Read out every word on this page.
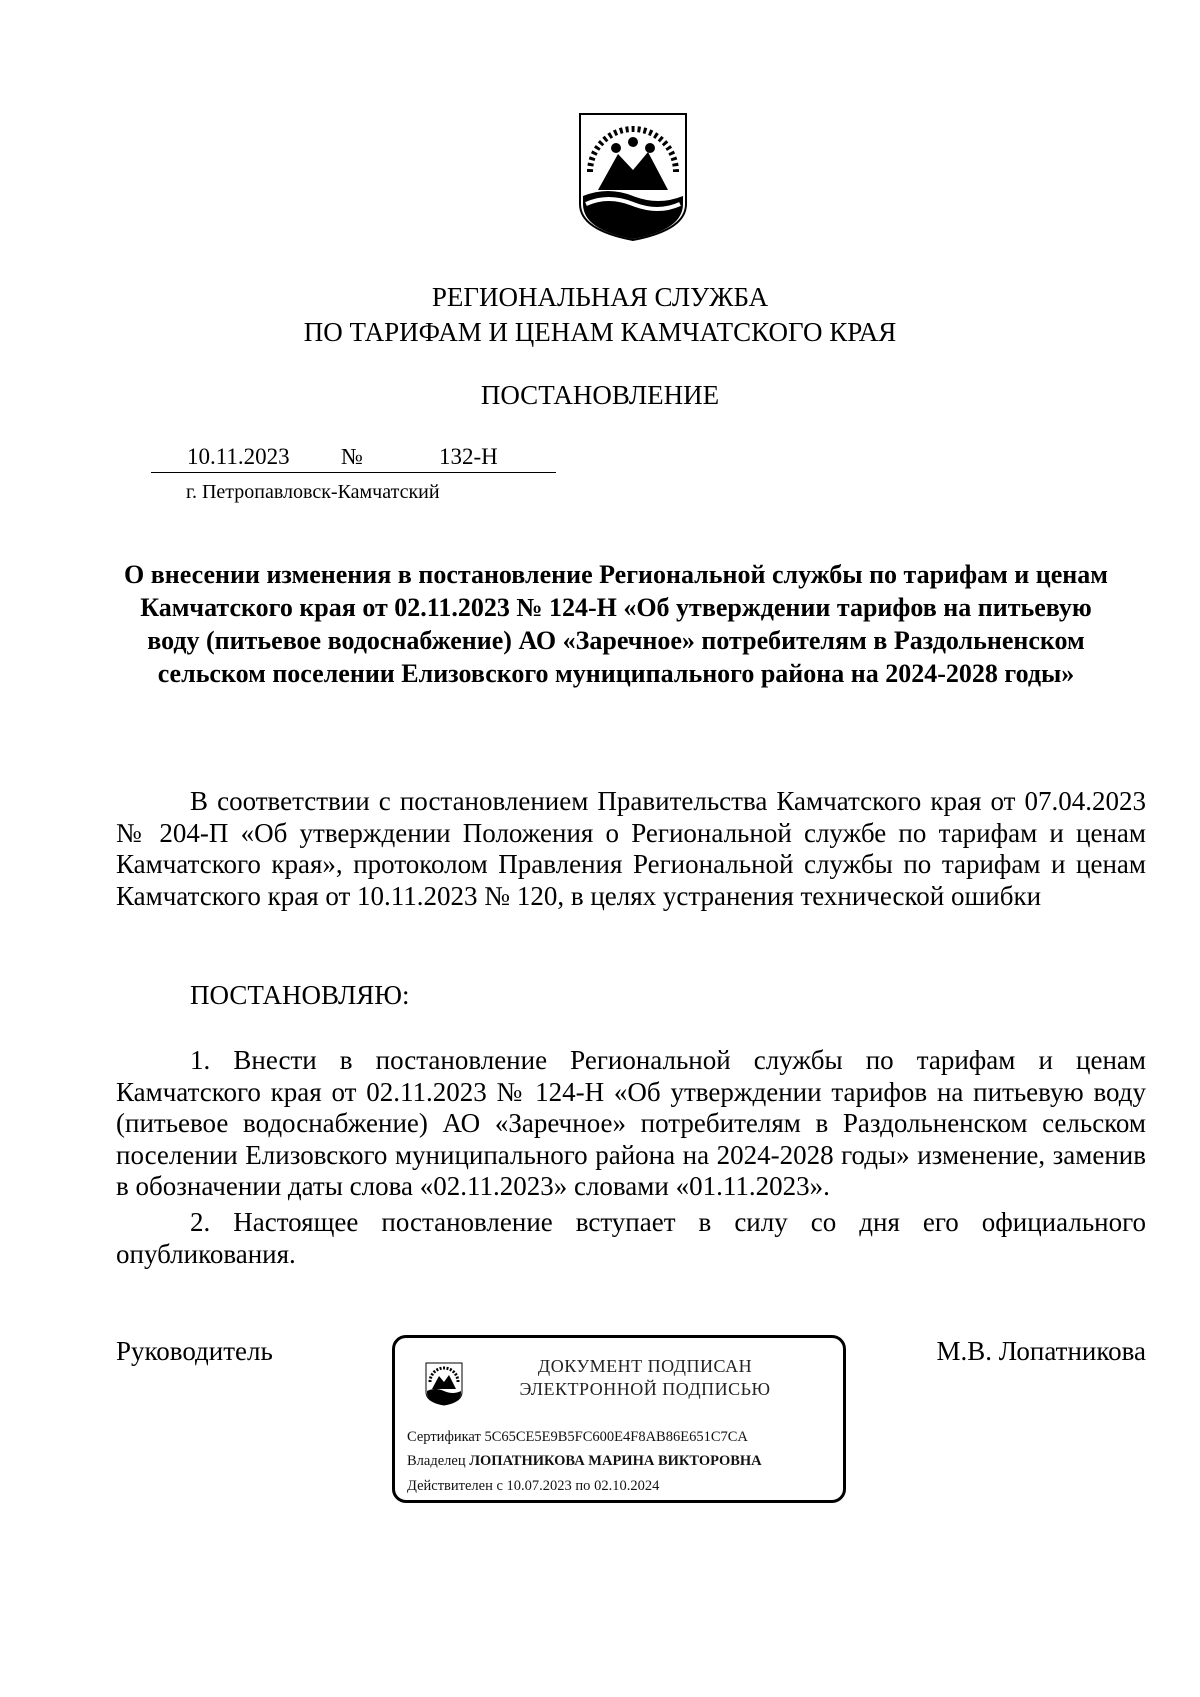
РЕГИОНАЛЬНАЯ СЛУЖБА
ПО ТАРИФАМ И ЦЕНАМ КАМЧАТСКОГО КРАЯ
ПОСТАНОВЛЕНИЕ
10.11.2023 №	132-Н
г. Петропавловск-Камчатский
О внесении изменения в постановление Региональной службы по тарифам и ценам Камчатского края от 02.11.2023 № 124-Н «Об утверждении тарифов на питьевую воду (питьевое водоснабжение) АО «Заречное» потребителям в Раздольненском сельском поселении Елизовского муниципального района на 2024-2028 годы»
В соответствии с постановлением Правительства Камчатского края от 07.04.2023 № 204-П «Об утверждении Положения о Региональной службе по тарифам и ценам Камчатского края», протоколом Правления Региональной службы по тарифам и ценам Камчатского края от 10.11.2023 № 120, в целях устранения технической ошибки
ПОСТАНОВЛЯЮ:
1. Внести в постановление Региональной службы по тарифам и ценам Камчатского края от 02.11.2023 № 124-Н «Об утверждении тарифов на питьевую воду (питьевое водоснабжение) АО «Заречное» потребителям в Раздольненском сельском поселении Елизовского муниципального района на 2024-2028 годы» изменение, заменив в обозначении даты слова «02.11.2023» словами «01.11.2023».
2. Настоящее постановление вступает в силу со дня его официального опубликования.
Руководитель	М.В. Лопатникова
ДОКУМЕНТ ПОДПИСАН
ЭЛЕКТРОННОЙ ПОДПИСЬЮ
Сертификат 5C65CE5E9B5FC600E4F8AB86E651C7CA
Владелец ЛОПАТНИКОВА МАРИНА ВИКТОРОВНА
Действителен с 10.07.2023 по 02.10.2024
